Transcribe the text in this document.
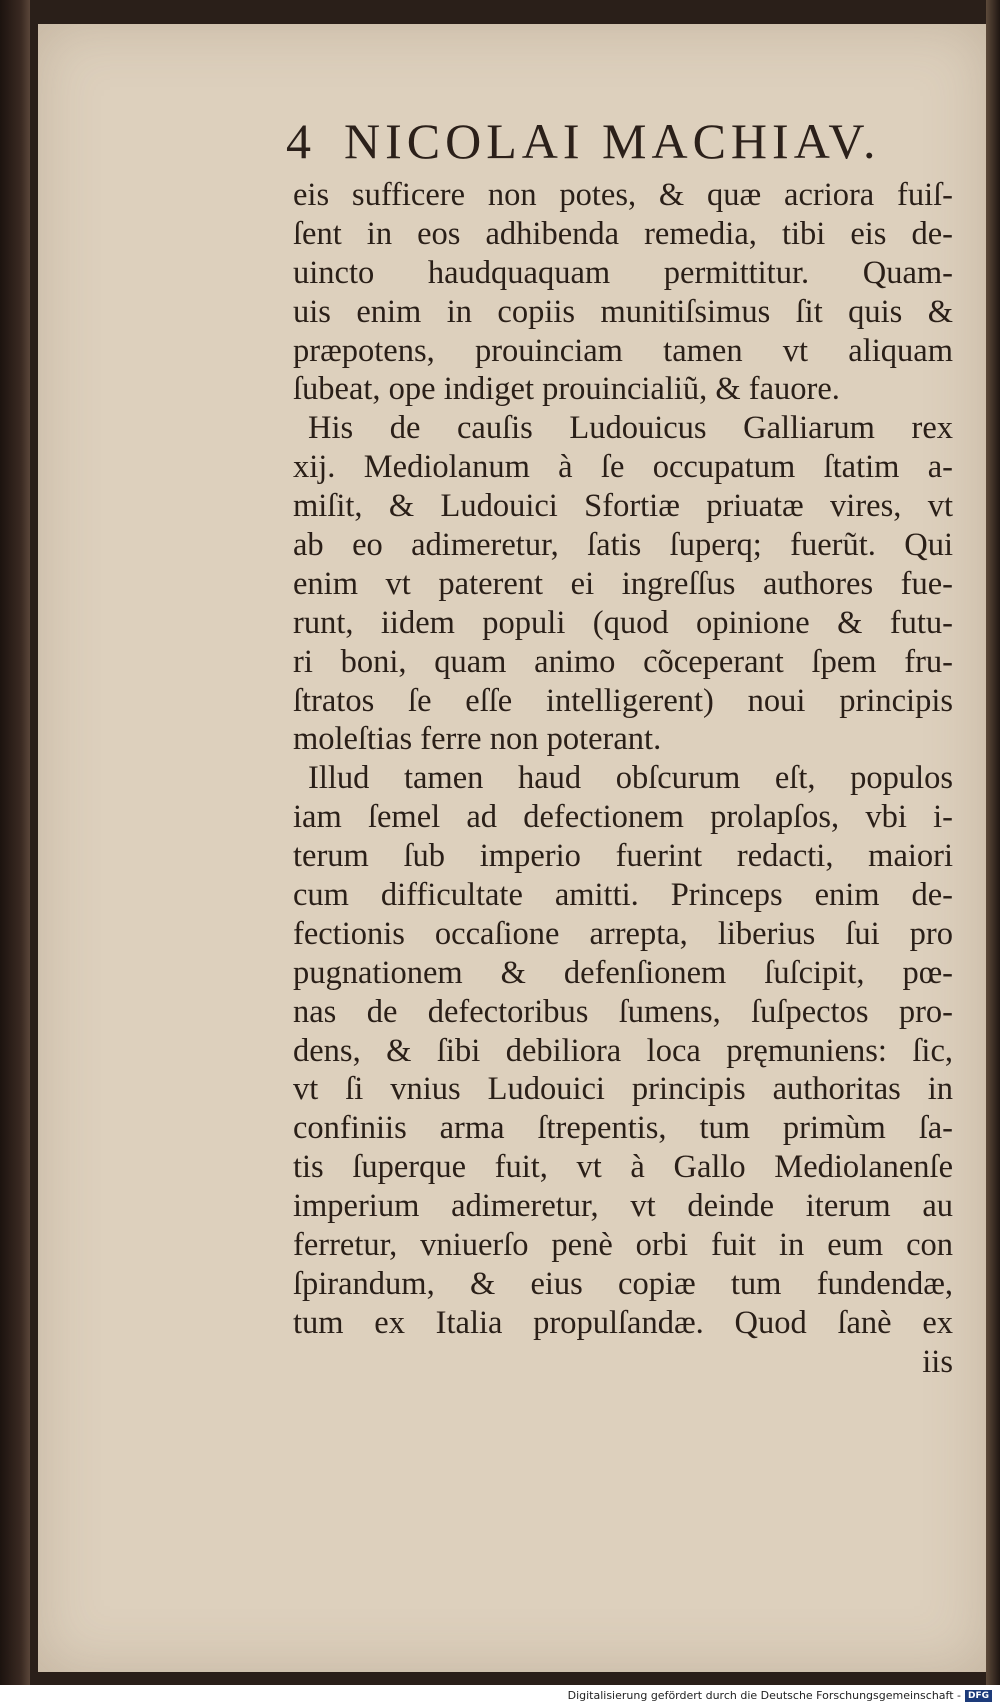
4 NICOLAI MACHIAV.
eis sufficere non potes, & quæ acriora fuiſ-
ſent in eos adhibenda remedia, tibi eis de-
uincto haudquaquam permittitur. Quam-
uis enim in copiis munitiſsimus ſit quis &
præpotens, prouinciam tamen vt aliquam
ſubeat, ope indiget prouincialiũ, & fauore.
His de cauſis Ludouicus Galliarum rex
xij. Mediolanum à ſe occupatum ſtatim a-
miſit, & Ludouici Sfortiæ priuatæ vires, vt
ab eo adimeretur, ſatis ſuperq; fuerũt. Qui
enim vt paterent ei ingreſſus authores fue-
runt, iidem populi (quod opinione & futu-
ri boni, quam animo cõceperant ſpem fru-
ſtratos ſe eſſe intelligerent) noui principis
moleſtias ferre non poterant.
Illud tamen haud obſcurum eſt, populos
iam ſemel ad defectionem prolapſos, vbi i-
terum ſub imperio fuerint redacti, maiori
cum difficultate amitti. Princeps enim de-
fectionis occaſione arrepta, liberius ſui pro
pugnationem & defenſionem ſuſcipit, pœ-
nas de defectoribus ſumens, ſuſpectos pro-
dens, & ſibi debiliora loca pręmuniens: ſic,
vt ſi vnius Ludouici principis authoritas in
confiniis arma ſtrepentis, tum primùm ſa-
tis ſuperque fuit, vt à Gallo Mediolanenſe
imperium adimeretur, vt deinde iterum au
ferretur, vniuerſo penè orbi fuit in eum con
ſpirandum, & eius copiæ tum fundendæ,
tum ex Italia propulſandæ. Quod ſanè ex
iis
Digitalisierung gefördert durch die Deutsche Forschungsgemeinschaft - DFG
